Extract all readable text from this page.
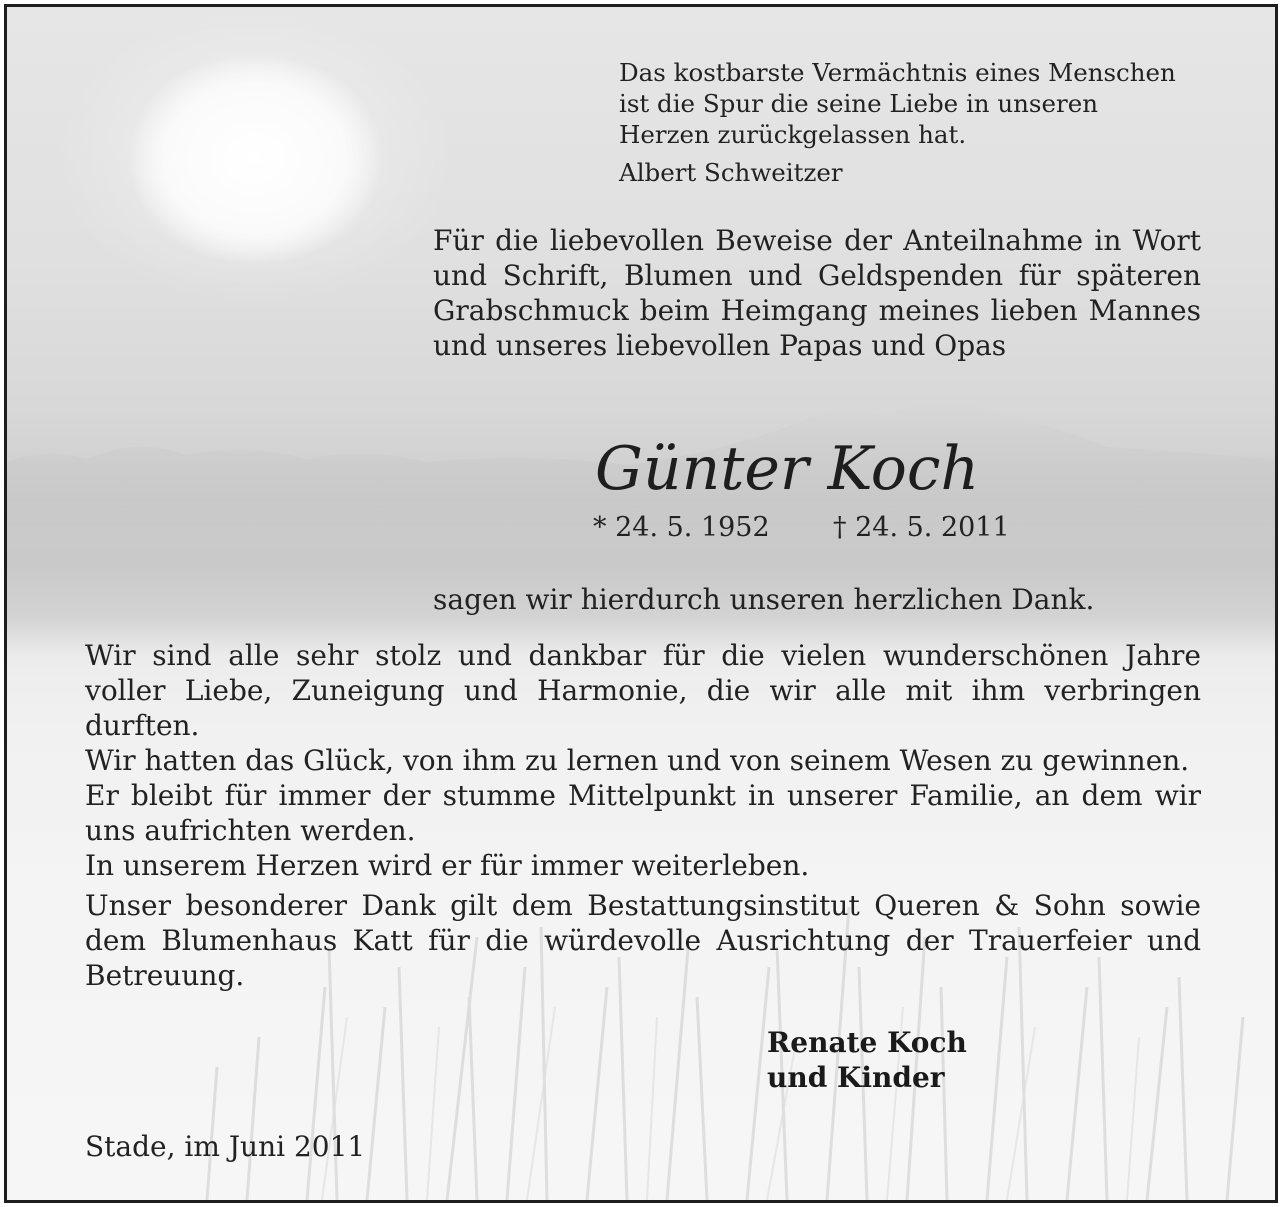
Das kostbarste Vermächtnis eines Menschen
ist die Spur die seine Liebe in unseren
Herzen zurückgelassen hat.
Albert Schweitzer

Für die liebevollen Beweise der Anteilnahme in Wort und Schrift, Blumen und Geldspenden für späteren Grabschmuck beim Heimgang meines lieben Mannes und unseres liebevollen Papas und Opas

Günter Koch
* 24. 5. 1952 † 24. 5. 2011
sagen wir hierdurch unseren herzlichen Dank.

Wir sind alle sehr stolz und dankbar für die vielen wunderschönen Jahre voller Liebe, Zuneigung und Harmonie, die wir alle mit ihm verbringen durften.

Wir hatten das Glück, von ihm zu lernen und von seinem Wesen zu gewinnen.

Er bleibt für immer der stumme Mittelpunkt in unserer Familie, an dem wir uns aufrichten werden.

In unserem Herzen wird er für immer weiterleben.

Unser besonderer Dank gilt dem Bestattungsinstitut Queren & Sohn sowie dem Blumenhaus Katt für die würdevolle Ausrichtung der Trauerfeier und Betreuung.

Renate Koch
und Kinder
Stade, im Juni 2011
